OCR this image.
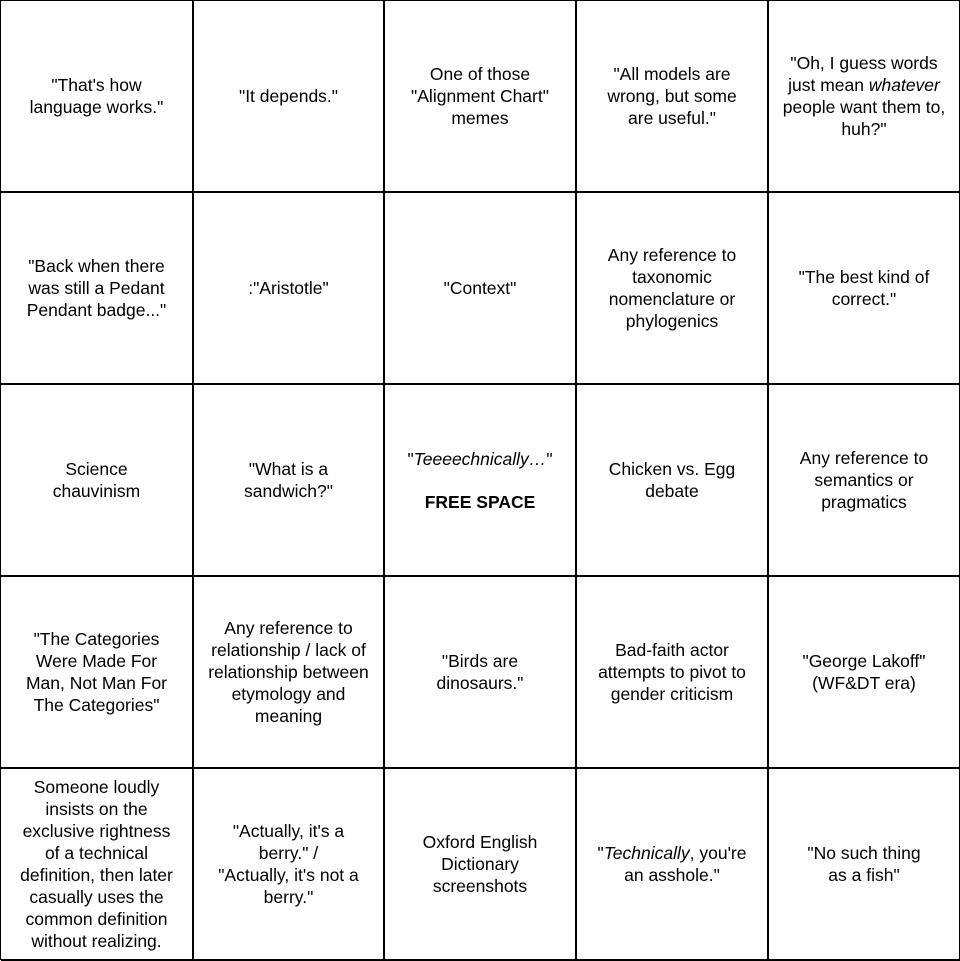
"That's how
language works."
"It depends."
One of those
"Alignment Chart"
memes
"All models are
wrong, but some
are useful."
"Oh, I guess words
just mean whatever
people want them to,
huh?"
"Back when there
was still a Pedant
Pendant badge..."
:"Aristotle"	"Context"
Any reference to
taxonomic
nomenclature or
phylogenics
"The best kind of
correct."
Science
chauvinism
"What is a
sandwich?"
"Teeeechnically…"
FREE SPACE
Chicken vs. Egg
debate
Any reference to
semantics or
pragmatics
"The Categories
Were Made For
Man, Not Man For
The Categories"
Any reference to
relationship / lack of
relationship between
etymology and
meaning
"Birds are
dinosaurs."
Bad-faith actor
attempts to pivot to
gender criticism
"George Lakoff"
(WF&DT era)
Someone loudly
insists on the
exclusive rightness
of a technical
definition, then later
casually uses the
common definition
without realizing.
"Actually, it's a
berry." /
"Actually, it's not a
berry."
Oxford English
Dictionary
screenshots
"Technically, you're
an asshole."
"No such thing
as a fish"
